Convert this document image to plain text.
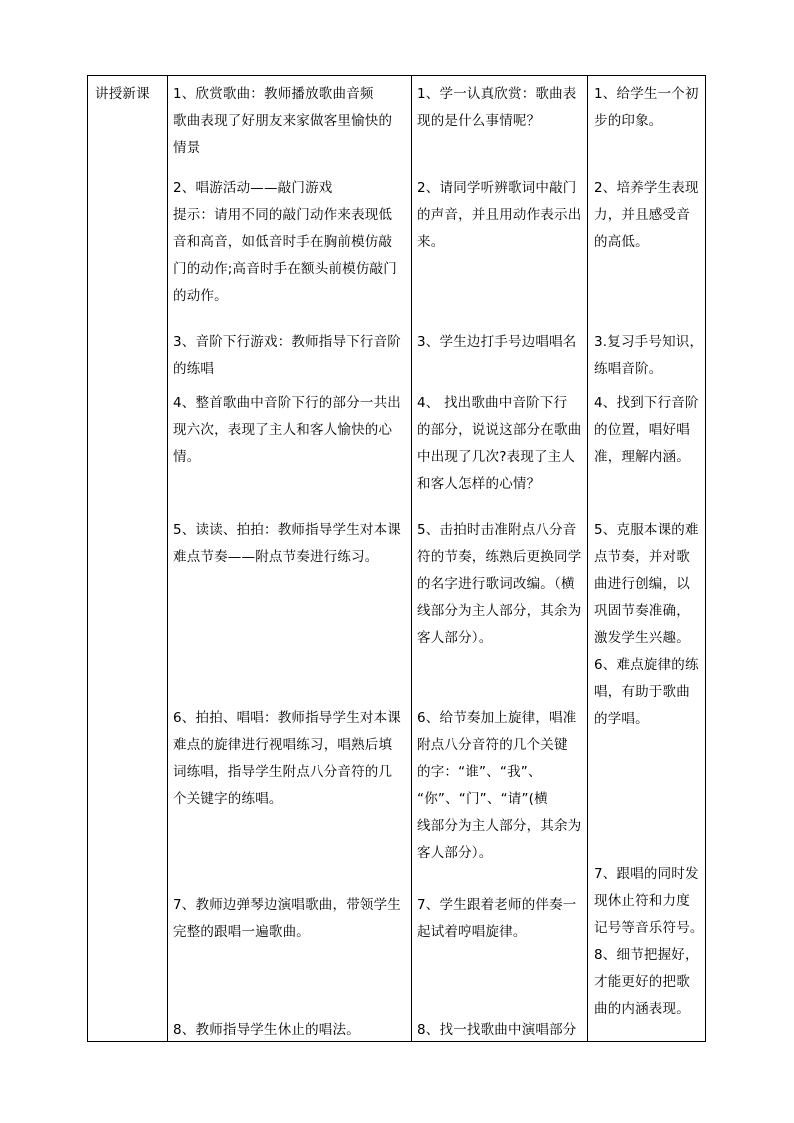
讲授新课 1、欣赏歌曲：教师播放歌曲音频
歌曲表现了好朋友来家做客里愉快的
情景
2、唱游活动——敲门游戏
提示：请用不同的敲门动作来表现低
音和高音，如低音时手在胸前模仿敲
门的动作;高音时手在额头前模仿敲门
的动作。
3、音阶下行游戏：教师指导下行音阶
的练唱
4、整首歌曲中音阶下行的部分一共出
现六次，表现了主人和客人愉快的心
情。
5、读读、拍拍：教师指导学生对本课
难点节奏——附点节奏进行练习。
6、拍拍、唱唱：教师指导学生对本课
难点的旋律进行视唱练习，唱熟后填
词练唱，指导学生附点八分音符的几
个关键字的练唱。
7、教师边弹琴边演唱歌曲，带领学生
完整的跟唱一遍歌曲。
8、教师指导学生休止的唱法。
1、学一认真欣赏：歌曲表
现的是什么事情呢？
2、请同学听辨歌词中敲门
的声音，并且用动作表示出
来。
3、学生边打手号边唱唱名
4、 找出歌曲中音阶下行
的部分，说说这部分在歌曲
中出现了几次?表现了主人
和客人怎样的心情？
5、击拍时击准附点八分音
符的节奏，练熟后更换同学
的名字进行歌词改编。（横
线部分为主人部分，其余为
客人部分）。
6、给节奏加上旋律，唱准
附点八分音符的几个关键
的字：“谁”、“我”、
“你”、“门”、“请”(横
线部分为主人部分，其余为
客人部分）。
7、学生跟着老师的伴奏一
起试着哼唱旋律。
8、找一找歌曲中演唱部分
1、给学生一个初
步的印象。
2、培养学生表现
力，并且感受音
的高低。
3.复习手号知识，
练唱音阶。
4、找到下行音阶
的位置，唱好唱
准，理解内涵。
5、克服本课的难
点节奏，并对歌
曲进行创编，以
巩固节奏准确，
激发学生兴趣。
6、难点旋律的练
唱，有助于歌曲
的学唱。
7、跟唱的同时发
现休止符和力度
记号等音乐符号。
8、细节把握好，
才能更好的把歌
曲的内涵表现。
